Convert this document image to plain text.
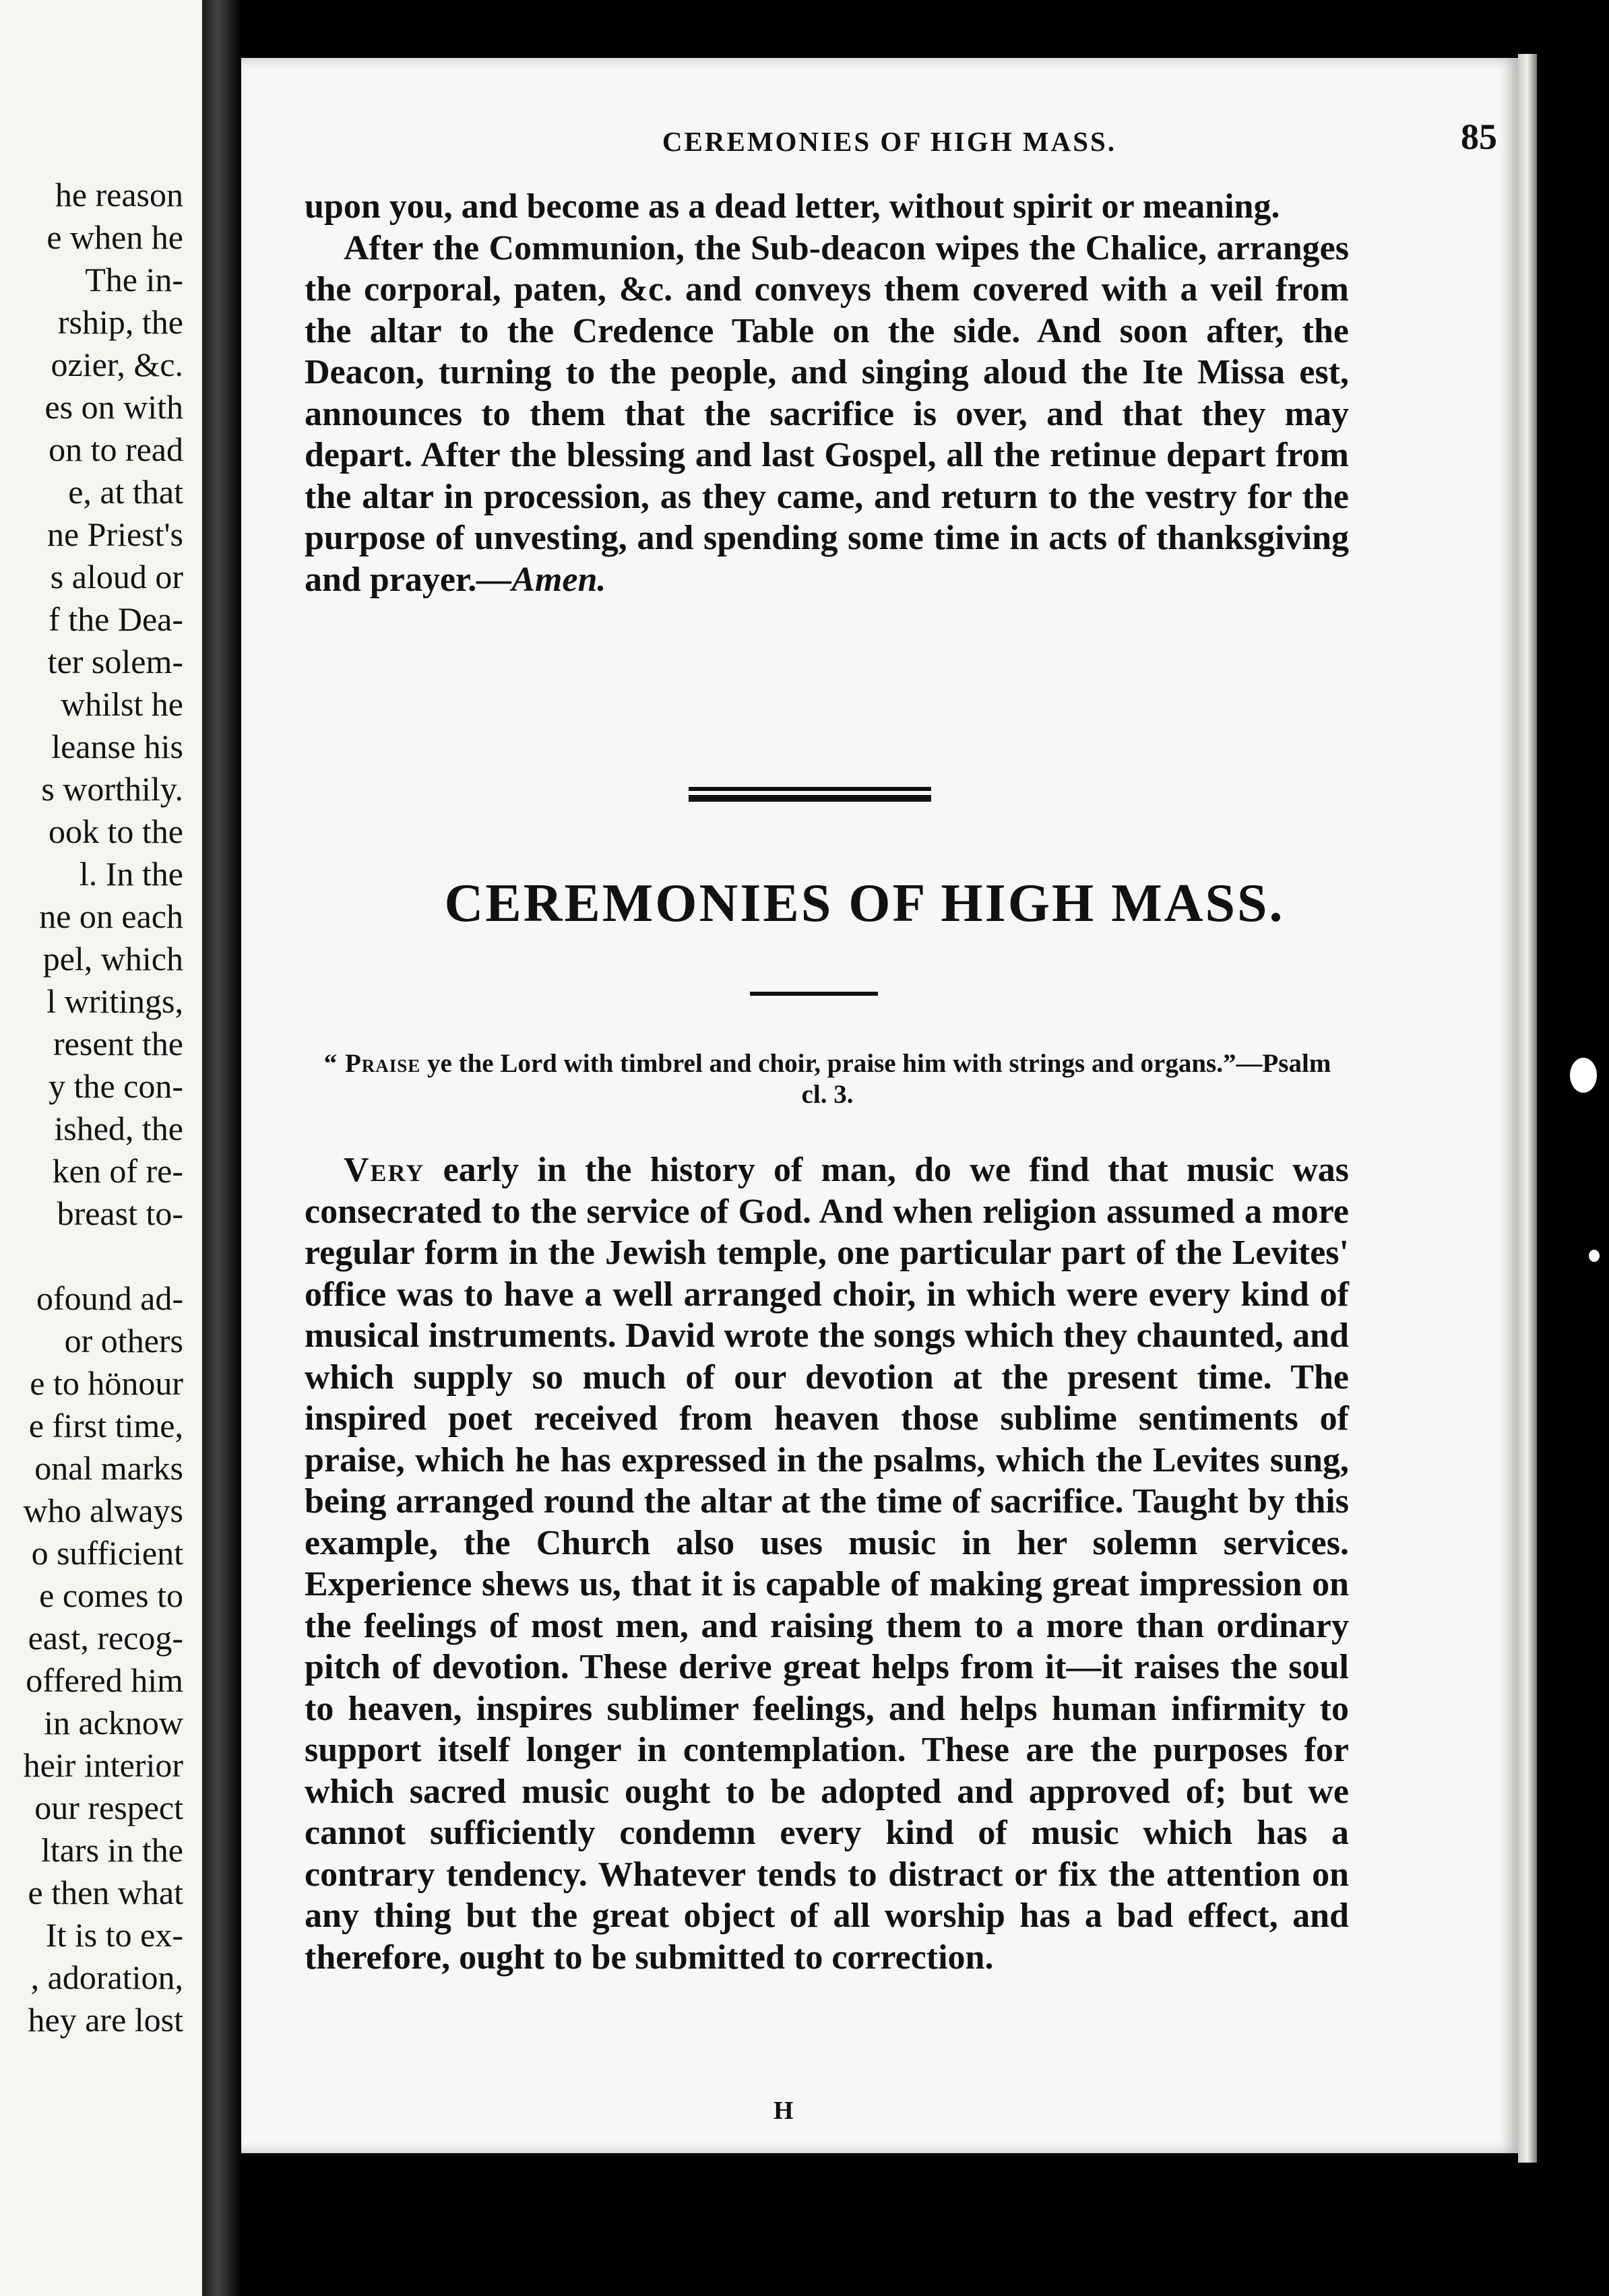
he reason
e when he
The in-
rship, the
ozier, &c.
es on with
on to read
e, at that
ne Priest's
s aloud or
f the Dea-
ter solem-
whilst he
leanse his
s worthily.
ook to the
l. In the
ne on each
pel, which
l writings,
resent the
y the con-
ished, the
ken of re-
breast to-
ofound ad-
or others
e to hönour
e first time,
onal marks
who always
o sufficient
e comes to
east, recog-
offered him
in acknow
heir interior
our respect
ltars in the
e then what
It is to ex-
, adoration,
hey are lost
CEREMONIES OF HIGH MASS.	85

upon you, and become as a dead letter, without spirit or meaning.

After the Communion, the Sub-deacon wipes the Chalice, arranges the corporal, paten, &c. and conveys them covered with a veil from the altar to the Credence Table on the side. And soon after, the Deacon, turning to the people, and singing aloud the Ite Missa est, announces to them that the sacrifice is over, and that they may depart. After the blessing and last Gospel, all the retinue depart from the altar in procession, as they came, and return to the vestry for the purpose of unvesting, and spending some time in acts of thanksgiving and prayer.—Amen.

CEREMONIES OF HIGH MASS.
“ Praise ye the Lord with timbrel and choir, praise him with strings and organs.”—Psalm cl. 3.

Very early in the history of man, do we find that music was consecrated to the service of God. And when religion assumed a more regular form in the Jewish temple, one particular part of the Levites' office was to have a well arranged choir, in which were every kind of musical instruments. David wrote the songs which they chaunted, and which supply so much of our devotion at the present time. The inspired poet received from heaven those sublime sentiments of praise, which he has expressed in the psalms, which the Levites sung, being arranged round the altar at the time of sacrifice. Taught by this example, the Church also uses music in her solemn services. Experience shews us, that it is capable of making great impression on the feelings of most men, and raising them to a more than ordinary pitch of devotion. These derive great helps from it—it raises the soul to heaven, inspires sublimer feelings, and helps human infirmity to support itself longer in contemplation. These are the purposes for which sacred music ought to be adopted and approved of; but we cannot sufficiently condemn every kind of music which has a contrary tendency. Whatever tends to distract or fix the attention on any thing but the great object of all worship has a bad effect, and therefore, ought to be submitted to correction.

H
